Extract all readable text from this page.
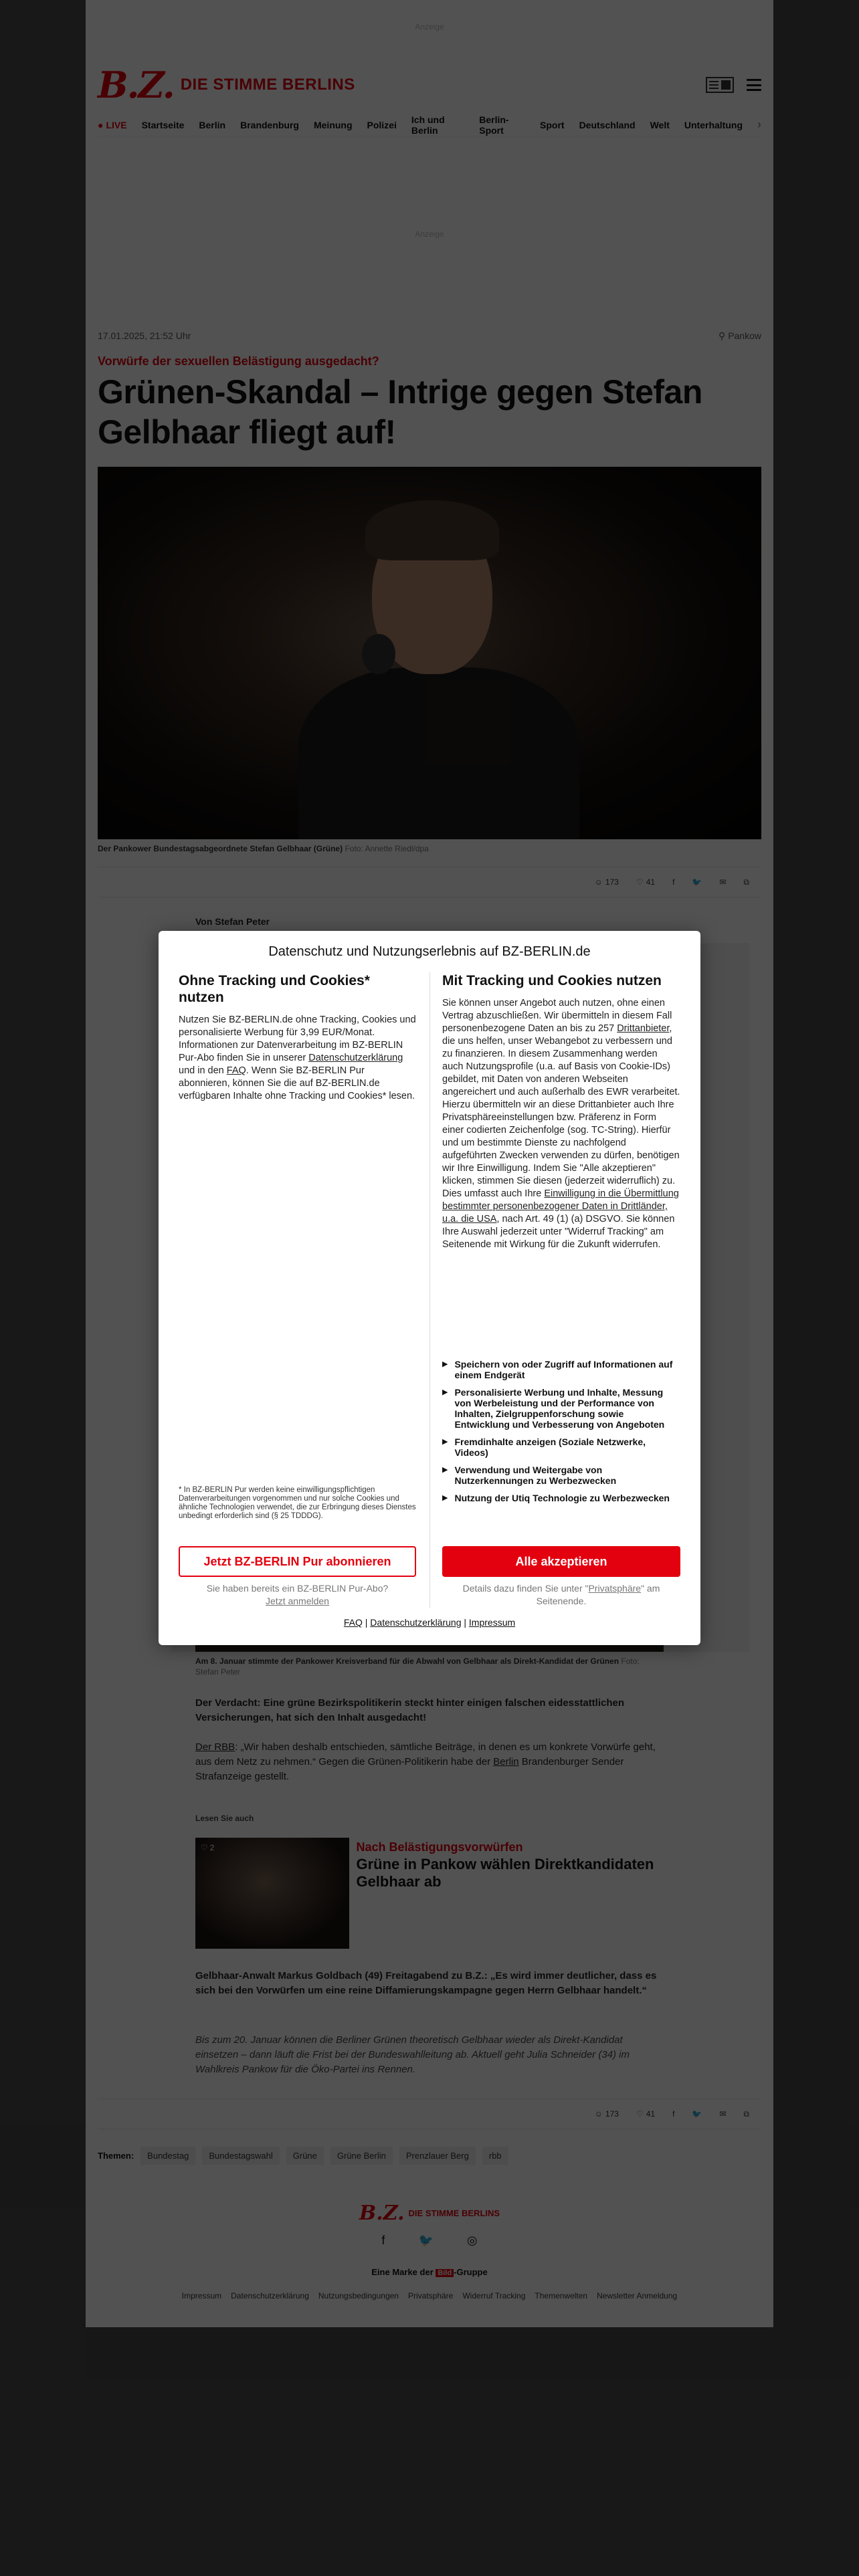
Datenschutz und Nutzungserlebnis auf BZ-BERLIN.de
Ohne Tracking und Cookies* nutzen

Nutzen Sie BZ-BERLIN.de ohne Tracking, Cookies und personalisierte Werbung für 3,99 EUR/Monat. Informationen zur Datenverarbeitung im BZ-BERLIN Pur-Abo finden Sie in unserer Datenschutzerklärung und in den FAQ. Wenn Sie BZ-BERLIN Pur abonnieren, können Sie die auf BZ-BERLIN.de verfügbaren Inhalte ohne Tracking und Cookies* lesen.

Mit Tracking und Cookies nutzen

Sie können unser Angebot auch nutzen, ohne einen Vertrag abzuschließen. Wir übermitteln in diesem Fall personenbezogene Daten an bis zu 257 Drittanbieter, die uns helfen, unser Webangebot zu verbessern und zu finanzieren. In diesem Zusammenhang werden auch Nutzungsprofile (u.a. auf Basis von Cookie-IDs) gebildet, mit Daten von anderen Webseiten angereichert und auch außerhalb des EWR verarbeitet. Hierzu übermitteln wir an diese Drittanbieter auch Ihre Privatsphäreeinstellungen bzw. Präferenz in Form einer codierten Zeichenfolge (sog. TC-String). Hierfür und um bestimmte Dienste zu nachfolgend aufgeführten Zwecken verwenden zu dürfen, benötigen wir Ihre Einwilligung. Indem Sie "Alle akzeptieren" klicken, stimmen Sie diesen (jederzeit widerruflich) zu. Dies umfasst auch Ihre Einwilligung in die Übermittlung bestimmter personenbezogener Daten in Drittländer, u.a. die USA, nach Art. 49 (1) (a) DSGVO. Sie können Ihre Auswahl jederzeit unter "Widerruf Tracking" am Seitenende mit Wirkung für die Zukunft widerrufen.

▶ Speichern von oder Zugriff auf Informationen auf einem Endgerät
▶ Personalisierte Werbung und Inhalte, Messung von Werbeleistung und der Performance von Inhalten, Zielgruppenforschung sowie Entwicklung und Verbesserung von Angeboten
▶ Fremdinhalte anzeigen (Soziale Netzwerke, Videos)
▶ Verwendung und Weitergabe von Nutzerkennungen zu Werbezwecken
▶ Nutzung der Utiq Technologie zu Werbezwecken
* In BZ-BERLIN Pur werden keine einwilligungspflichtigen Datenverarbeitungen vorgenommen und nur solche Cookies und ähnliche Technologien verwendet, die zur Erbringung dieses Dienstes unbedingt erforderlich sind (§ 25 TDDDG).
Jetzt BZ-BERLIN Pur abonnieren	Alle akzeptieren
Sie haben bereits ein BZ-BERLIN Pur-Abo?
Jetzt anmelden
Details dazu finden Sie unter "Privatsphäre" am Seitenende.
FAQ | Datenschutzerklärung | Impressum
